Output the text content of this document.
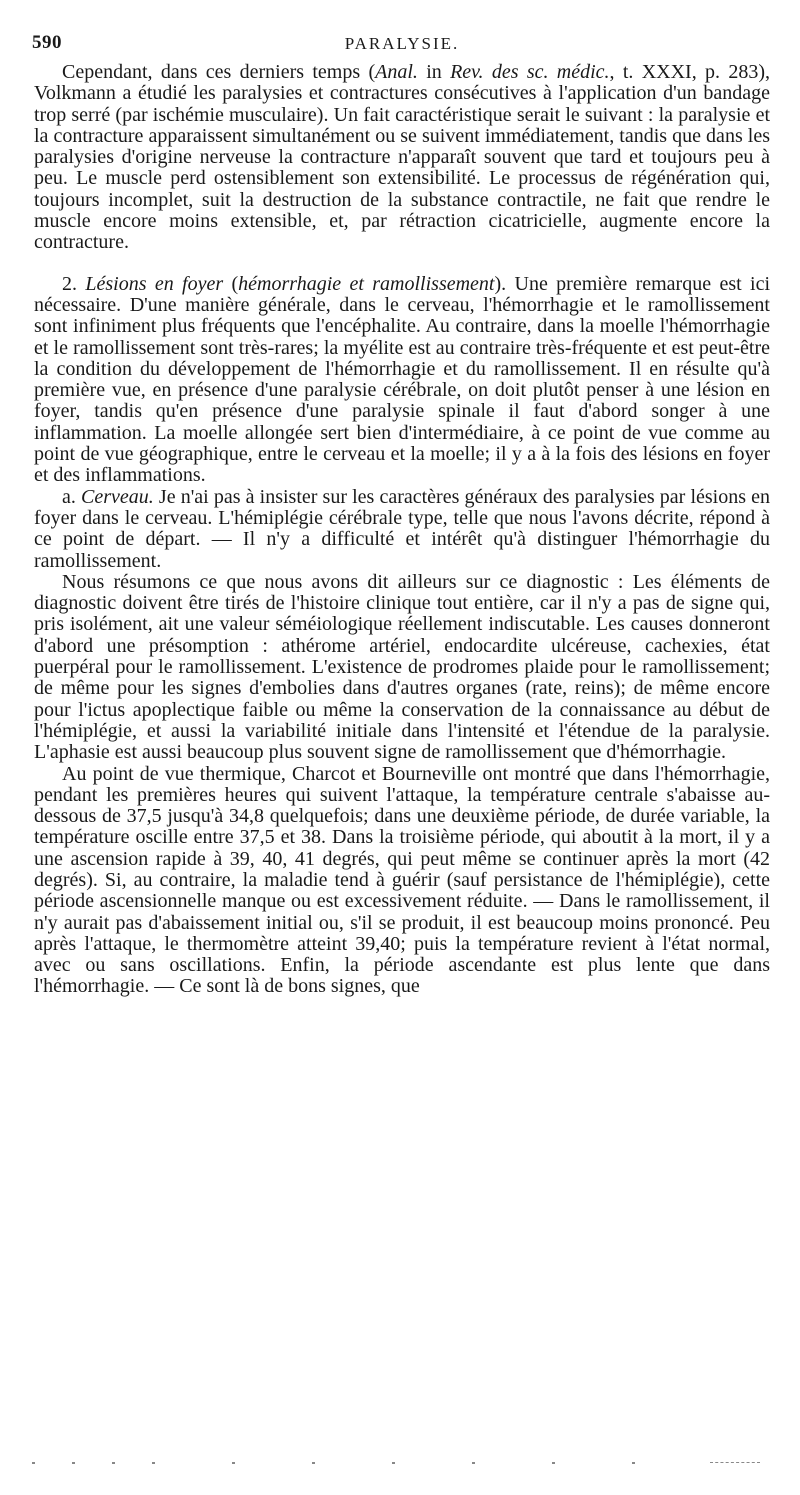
590	PARALYSIE.

Cependant, dans ces derniers temps (Anal. in Rev. des sc. médic., t. XXXI, p. 283), Volkmann a étudié les paralysies et contractures consécutives à l'application d'un bandage trop serré (par ischémie musculaire). Un fait caractéristique serait le suivant : la paralysie et la contracture apparaissent simultanément ou se suivent immédiatement, tandis que dans les paralysies d'origine nerveuse la contracture n'apparaît souvent que tard et toujours peu à peu. Le muscle perd ostensiblement son extensibilité. Le processus de régénération qui, toujours incomplet, suit la destruction de la substance contractile, ne fait que rendre le muscle encore moins extensible, et, par rétraction cicatricielle, augmente encore la contracture.

2. Lésions en foyer (hémorrhagie et ramollissement). Une première remarque est ici nécessaire. D'une manière générale, dans le cerveau, l'hémorrhagie et le ramollissement sont infiniment plus fréquents que l'encéphalite. Au contraire, dans la moelle l'hémorrhagie et le ramollissement sont très-rares; la myélite est au contraire très-fréquente et est peut-être la condition du développement de l'hémorrhagie et du ramollissement. Il en résulte qu'à première vue, en présence d'une paralysie cérébrale, on doit plutôt penser à une lésion en foyer, tandis qu'en présence d'une paralysie spinale il faut d'abord songer à une inflammation. La moelle allongée sert bien d'intermédiaire, à ce point de vue comme au point de vue géographique, entre le cerveau et la moelle; il y a à la fois des lésions en foyer et des inflammations.

a. Cerveau. Je n'ai pas à insister sur les caractères généraux des paralysies par lésions en foyer dans le cerveau. L'hémiplégie cérébrale type, telle que nous l'avons décrite, répond à ce point de départ. — Il n'y a difficulté et intérêt qu'à distinguer l'hémorrhagie du ramollissement.

Nous résumons ce que nous avons dit ailleurs sur ce diagnostic : Les éléments de diagnostic doivent être tirés de l'histoire clinique tout entière, car il n'y a pas de signe qui, pris isolément, ait une valeur séméiologique réellement indiscutable. Les causes donneront d'abord une présomption : athérome artériel, endocardite ulcéreuse, cachexies, état puerpéral pour le ramollissement. L'existence de prodromes plaide pour le ramollissement; de même pour les signes d'embolies dans d'autres organes (rate, reins); de même encore pour l'ictus apoplectique faible ou même la conservation de la connaissance au début de l'hémiplégie, et aussi la variabilité initiale dans l'intensité et l'étendue de la paralysie. L'aphasie est aussi beaucoup plus souvent signe de ramollissement que d'hémorrhagie.

Au point de vue thermique, Charcot et Bourneville ont montré que dans l'hémorrhagie, pendant les premières heures qui suivent l'attaque, la température centrale s'abaisse au-dessous de 37,5 jusqu'à 34,8 quelquefois; dans une deuxième période, de durée variable, la température oscille entre 37,5 et 38. Dans la troisième période, qui aboutit à la mort, il y a une ascension rapide à 39, 40, 41 degrés, qui peut même se continuer après la mort (42 degrés). Si, au contraire, la maladie tend à guérir (sauf persistance de l'hémiplégie), cette période ascensionnelle manque ou est excessivement réduite. — Dans le ramollissement, il n'y aurait pas d'abaissement initial ou, s'il se produit, il est beaucoup moins prononcé. Peu après l'attaque, le thermomètre atteint 39,40; puis la température revient à l'état normal, avec ou sans oscillations. Enfin, la période ascendante est plus lente que dans l'hémorrhagie. — Ce sont là de bons signes, que
